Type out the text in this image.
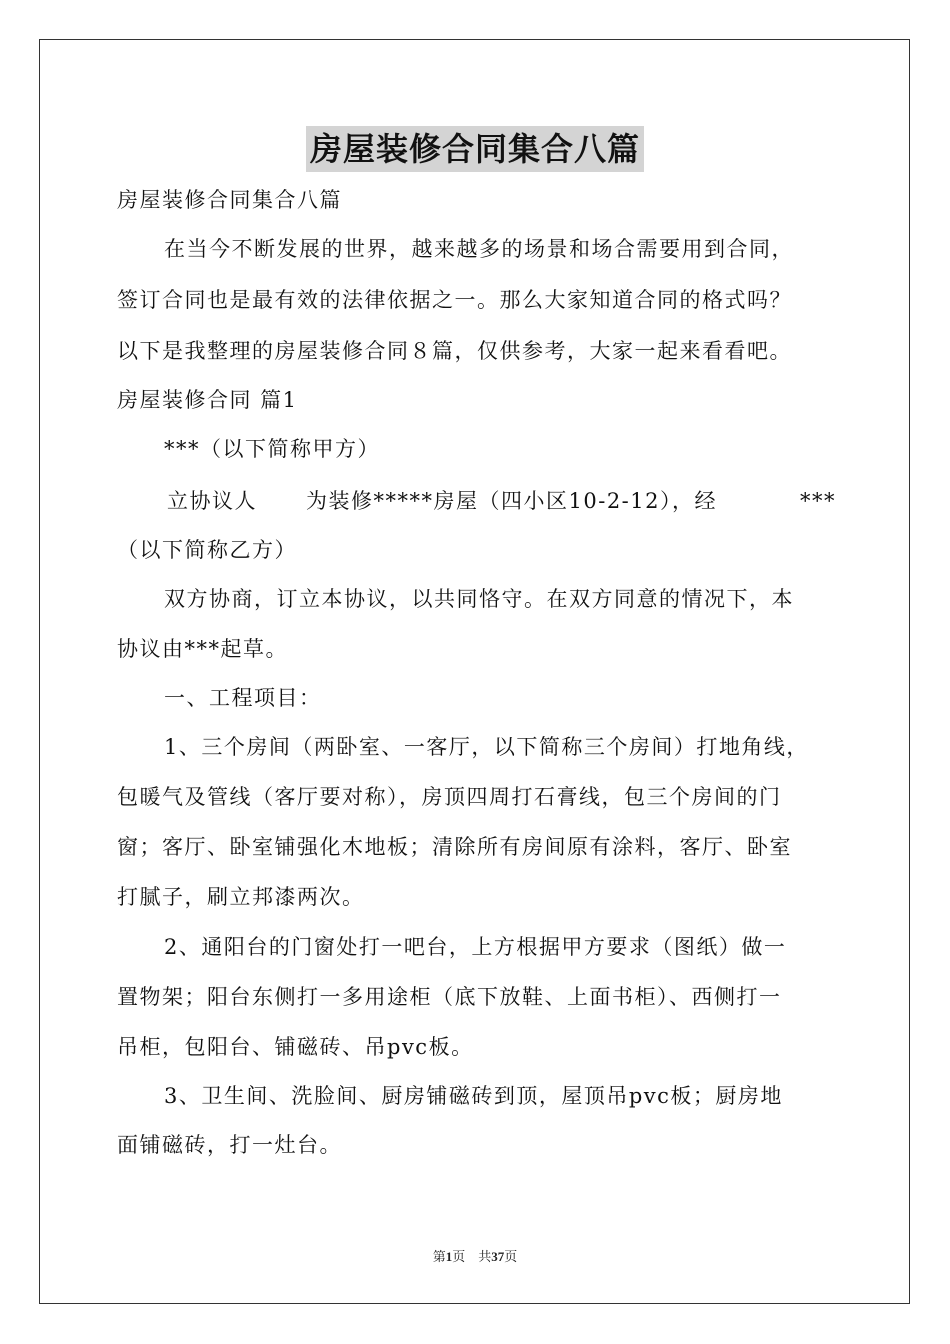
房屋装修合同集合八篇
房屋装修合同集合八篇
在当今不断发展的世界，越来越多的场景和场合需要用到合同，
签订合同也是最有效的法律依据之一。那么大家知道合同的格式吗？
以下是我整理的房屋装修合同８篇，仅供参考，大家一起来看看吧。
房屋装修合同 篇1
***（以下简称甲方）
立协议人 为装修*****房屋（四小区10-2-12），经	***
（以下简称乙方）
双方协商，订立本协议，以共同恪守。在双方同意的情况下，本
协议由***起草。
一、工程项目：
1、三个房间（两卧室、一客厅，以下简称三个房间）打地角线，
包暖气及管线（客厅要对称），房顶四周打石膏线，包三个房间的门
窗；客厅、卧室铺强化木地板；清除所有房间原有涂料，客厅、卧室
打腻子，刷立邦漆两次。
2、通阳台的门窗处打一吧台，上方根据甲方要求（图纸）做一
置物架；阳台东侧打一多用途柜（底下放鞋、上面书柜）、西侧打一
吊柜，包阳台、铺磁砖、吊pvc板。
3、卫生间、洗脸间、厨房铺磁砖到顶，屋顶吊pvc板；厨房地
面铺磁砖，打一灶台。
第1页　共37页
